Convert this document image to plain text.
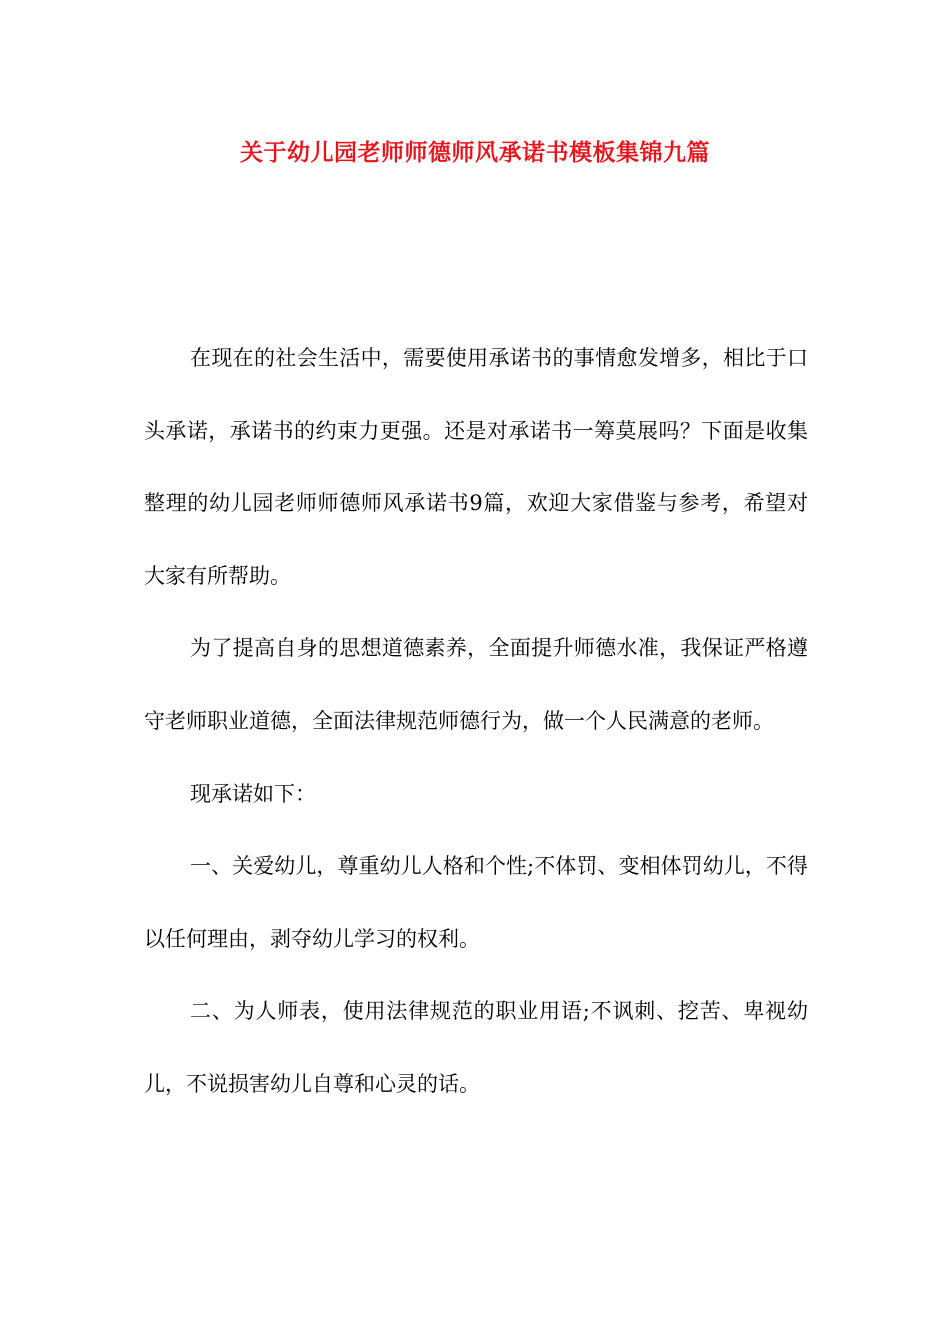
关于幼儿园老师师德师风承诺书模板集锦九篇

在现在的社会生活中，需要使用承诺书的事情愈发增多，相比于口头承诺，承诺书的约束力更强。还是对承诺书一筹莫展吗？下面是收集整理的幼儿园老师师德师风承诺书9篇，欢迎大家借鉴与参考，希望对大家有所帮助。

为了提高自身的思想道德素养，全面提升师德水准，我保证严格遵守老师职业道德，全面法律规范师德行为，做一个人民满意的老师。

现承诺如下：

一、关爱幼儿，尊重幼儿人格和个性;不体罚、变相体罚幼儿，不得以任何理由，剥夺幼儿学习的权利。

二、为人师表，使用法律规范的职业用语;不讽刺、挖苦、卑视幼儿，不说损害幼儿自尊和心灵的话。
